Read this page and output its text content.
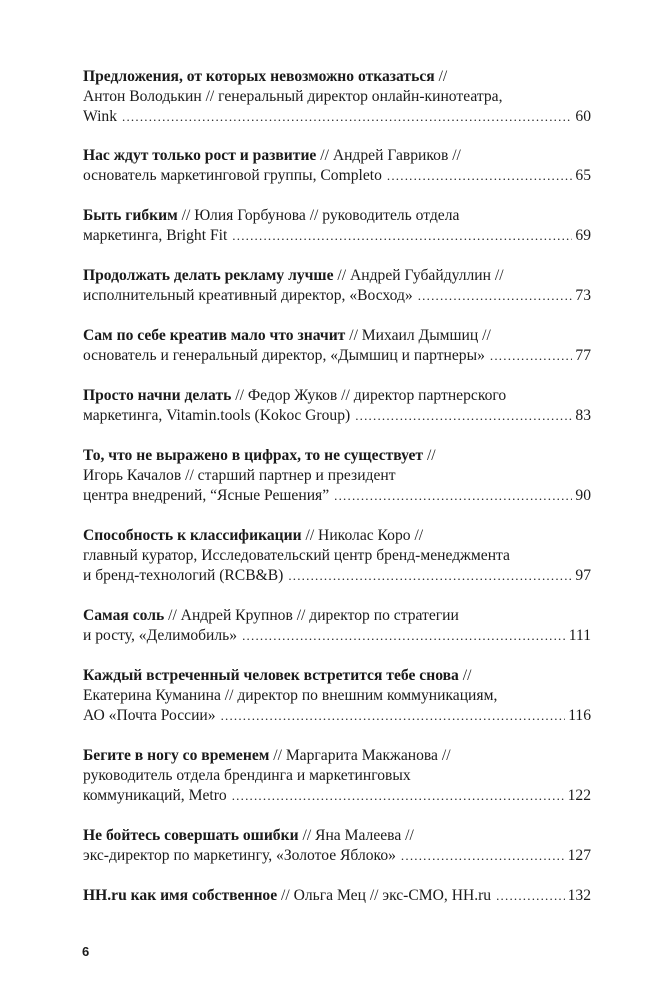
Предложения, от которых невозможно отказаться //
Антон Володькин // генеральный директор онлайн-кинотеатра,
Wink .....	60
Нас ждут только рост и развитие // Андрей Гавриков //
основатель маркетинговой группы, Completo .....	65
Быть гибким // Юлия Горбунова // руководитель отдела
маркетинга, Bright Fit .....	69
Продолжать делать рекламу лучше // Андрей Губайдуллин //
исполнительный креативный директор, «Восход» .....	73
Сам по себе креатив мало что значит // Михаил Дымшиц //
основатель и генеральный директор, «Дымшиц и партнеры» .....	77
Просто начни делать // Федор Жуков // директор партнерского
маркетинга, Vitamin.tools (Kokoc Group) .....	83
То, что не выражено в цифрах, то не существует //
Игорь Качалов // старший партнер и президент
центра внедрений, “Ясные Решения” .....	90
Способность к классификации // Николас Коро //
главный куратор, Исследовательский центр бренд-менеджмента
и бренд-технологий (RCB&B) .....	97
Самая соль // Андрей Крупнов // директор по стратегии
и росту, «Делимобиль» .....	111
Каждый встреченный человек встретится тебе снова //
Екатерина Куманина // директор по внешним коммуникациям,
АО «Почта России» .....	116
Бегите в ногу со временем // Маргарита Макжанова //
руководитель отдела брендинга и маркетинговых
коммуникаций, Metro .....	122
Не бойтесь совершать ошибки // Яна Малеева //
экс-директор по маркетингу, «Золотое Яблоко» .....	127
HH.ru как имя собственное // Ольга Мец // экс-CMO, HH.ru .....	132
6
